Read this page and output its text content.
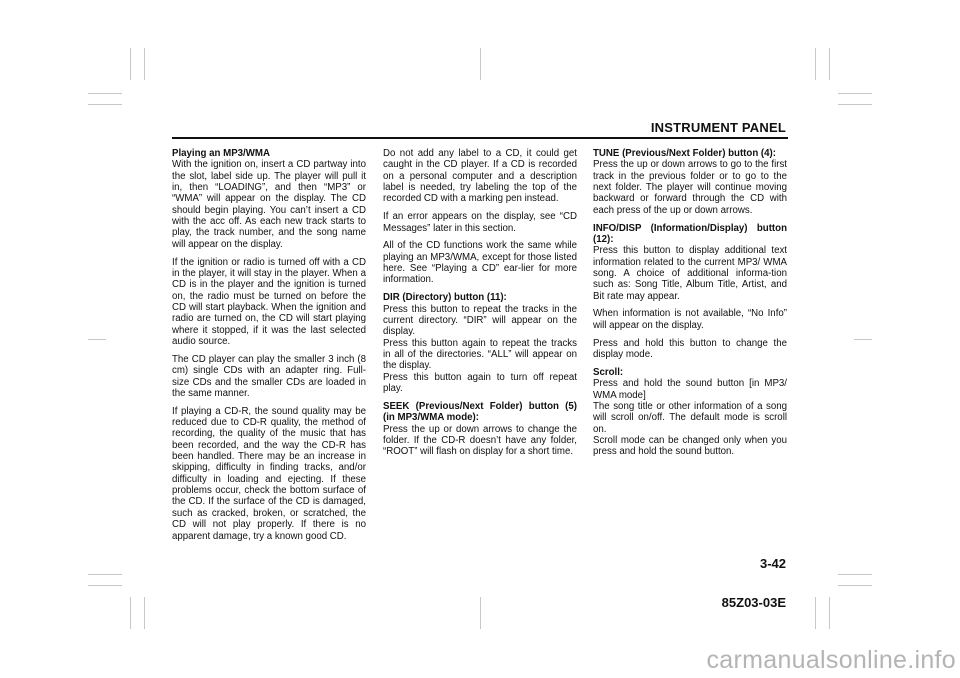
INSTRUMENT PANEL

Playing an MP3/WMA
With the ignition on, insert a CD partway into the slot, label side up. The player will pull it in, then “LOADING”, and then “MP3” or “WMA” will appear on the display. The CD should begin playing. You can’t insert a CD with the acc off. As each new track starts to play, the track number, and the song name will appear on the display.

If the ignition or radio is turned off with a CD in the player, it will stay in the player. When a CD is in the player and the ignition is turned on, the radio must be turned on before the CD will start playback. When the ignition and radio are turned on, the CD will start playing where it stopped, if it was the last selected audio source.

The CD player can play the smaller 3 inch (8 cm) single CDs with an adapter ring. Full-size CDs and the smaller CDs are loaded in the same manner.

If playing a CD-R, the sound quality may be reduced due to CD-R quality, the method of recording, the quality of the music that has been recorded, and the way the CD-R has been handled. There may be an increase in skipping, difficulty in finding tracks, and/or difficulty in loading and ejecting. If these problems occur, check the bottom surface of the CD. If the surface of the CD is damaged, such as cracked, broken, or scratched, the CD will not play properly. If there is no apparent damage, try a known good CD.

Do not add any label to a CD, it could get caught in the CD player. If a CD is recorded on a personal computer and a description label is needed, try labeling the top of the recorded CD with a marking pen instead.

If an error appears on the display, see “CD Messages” later in this section.

All of the CD functions work the same while playing an MP3/WMA, except for those listed here. See “Playing a CD” ear-lier for more information.

DIR (Directory) button (11):
Press this button to repeat the tracks in the current directory. “DIR” will appear on the display.
Press this button again to repeat the tracks in all of the directories. “ALL” will appear on the display.
Press this button again to turn off repeat play.

SEEK (Previous/Next Folder) button (5) (in MP3/WMA mode):
Press the up or down arrows to change the folder. If the CD-R doesn’t have any folder, “ROOT” will flash on display for a short time.

TUNE (Previous/Next Folder) button (4):
Press the up or down arrows to go to the first track in the previous folder or to go to the next folder. The player will continue moving backward or forward through the CD with each press of the up or down arrows.

INFO/DISP (Information/Display) button (12):
Press this button to display additional text information related to the current MP3/ WMA song. A choice of additional informa-tion such as: Song Title, Album Title, Artist, and Bit rate may appear.

When information is not available, “No Info” will appear on the display.

Press and hold this button to change the display mode.

Scroll:
Press and hold the sound button [in MP3/ WMA mode]
The song title or other information of a song will scroll on/off. The default mode is scroll on.
Scroll mode can be changed only when you press and hold the sound button.

3-42
85Z03-03E
carmanualsonline.info
